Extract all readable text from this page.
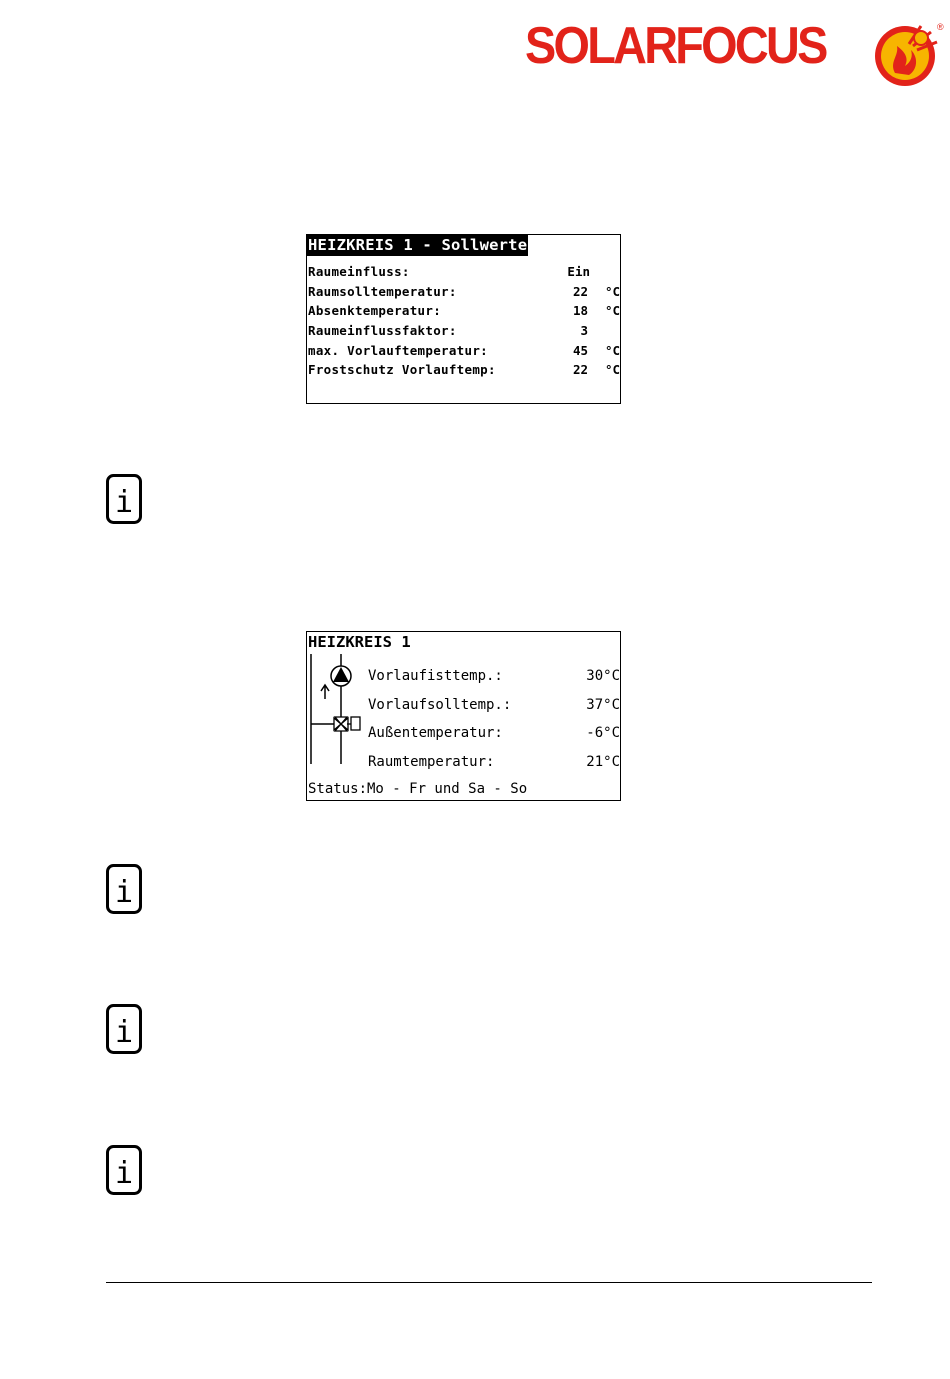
SOLARFOCUS	®
HEIZKREIS 1 - Sollwerte
Raumeinfluss:	Ein
Raumsolltemperatur:	22 °C
Absenktemperatur:	18 °C
Raumeinflussfaktor:	3
max. Vorlauftemperatur:	45 °C
Frostschutz Vorlauftemp:	22 °C
i
HEIZKREIS 1
Vorlaufisttemp.:	30°C
Vorlaufsolltemp.:	37°C
Außentemperatur:	-6°C
Raumtemperatur:	21°C
Status:Mo - Fr und Sa - So
i
i
i
